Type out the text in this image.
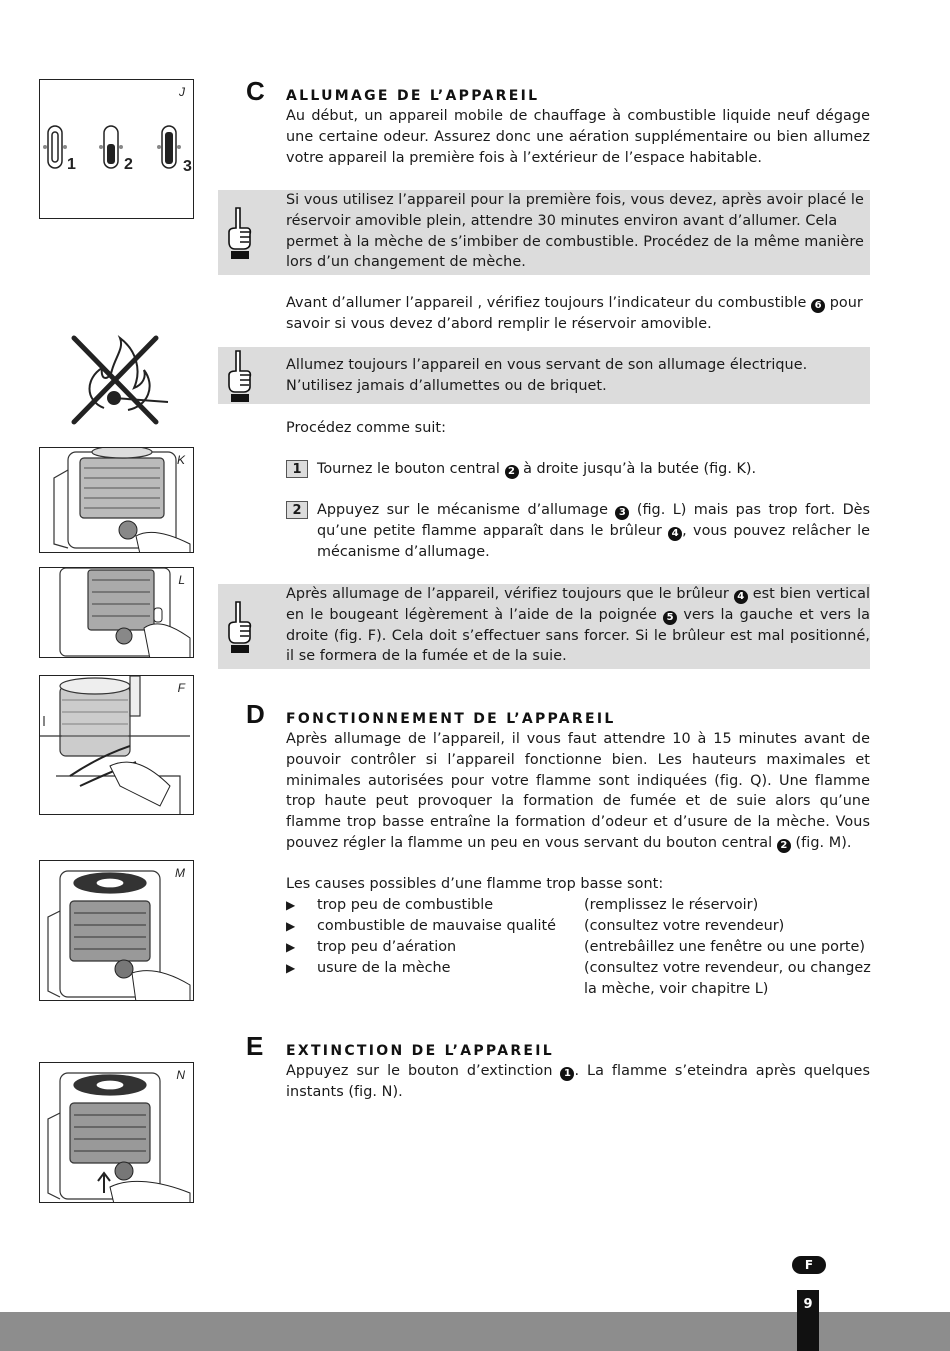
J
1	2	3
K
L
F
M
N
C ALLUMAGE DE L’APPAREIL

Au début, un appareil mobile de chauffage à combustible liquide neuf dégage une certaine odeur. Assurez donc une aération supplémentaire ou bien allumez votre appareil la première fois à l’extérieur de l’espace habitable.

Si vous utilisez l’appareil pour la première fois, vous devez, après avoir placé le réservoir amovible plein, attendre 30 minutes environ avant d’allumer. Cela permet à la mèche de s’imbiber de combustible. Procédez de la même manière lors d’un changement de mèche.

Avant d’allumer l’appareil , vérifiez toujours l’indicateur du combustible 6 pour savoir si vous devez d’abord remplir le réservoir amovible.

Allumez toujours l’appareil en vous servant de son allumage électrique. N’utilisez jamais d’allumettes ou de briquet.

Procédez comme suit:

1	Tournez le bouton central 2 à droite jusqu’à la butée (fig. K).

2	Appuyez sur le mécanisme d’allumage 3 (fig. L) mais pas trop fort. Dès qu’une petite flamme apparaît dans le brûleur 4 , vous pouvez relâcher le mécanisme d’allumage.

Après allumage de l’appareil, vérifiez toujours que le brûleur 4 est bien vertical en le bougeant légèrement à l’aide de la poignée 5 vers la gauche et vers la droite (fig. F). Cela doit s’effectuer sans forcer. Si le brûleur est mal positionné, il se formera de la fumée et de la suie.

D FONCTIONNEMENT DE L’APPAREIL

Après allumage de l’appareil, il vous faut attendre 10 à 15 minutes avant de pouvoir contrôler si l’appareil fonctionne bien. Les hauteurs maximales et minimales autorisées pour votre flamme sont indiquées (fig. Q). Une flamme trop haute peut provoquer la formation de fumée et de suie alors qu’une flamme trop basse entraîne la formation d’odeur et d’usure de la mèche. Vous pouvez régler la flamme un peu en vous servant du bouton central 2 (fig. M).

Les causes possibles d’une flamme trop basse sont:

▶ trop peu de combustible	(remplissez le réservoir)
▶ combustible de mauvaise qualité (consultez votre revendeur)
▶ trop peu d’aération	(entrebâillez une fenêtre ou une porte)
▶ usure de la mèche	(consultez votre revendeur, ou changez la mèche, voir chapitre L)
E EXTINCTION DE L’APPAREIL

Appuyez sur le bouton d’extinction 1 . La flamme s’eteindra après quelques instants (fig. N).

F
9
